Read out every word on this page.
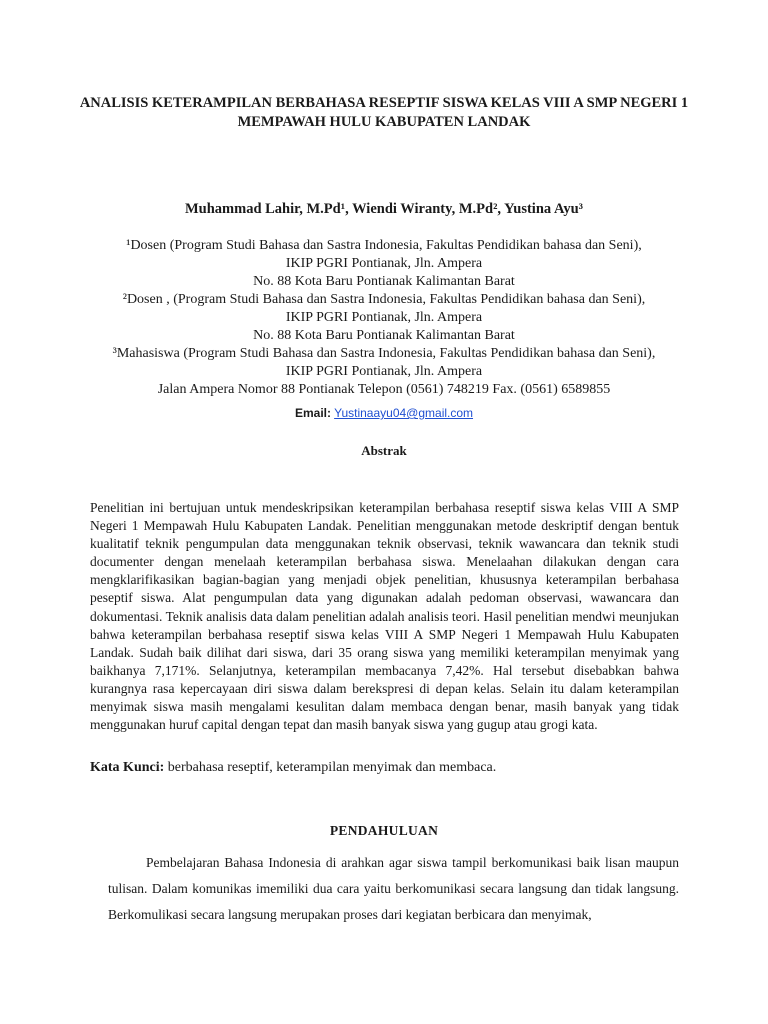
ANALISIS KETERAMPILAN BERBAHASA RESEPTIF SISWA KELAS VIII A SMP NEGERI 1 MEMPAWAH HULU KABUPATEN LANDAK
Muhammad Lahir, M.Pd¹, Wiendi Wiranty, M.Pd², Yustina Ayu³
¹Dosen (Program Studi Bahasa dan Sastra Indonesia, Fakultas Pendidikan bahasa dan Seni),
IKIP PGRI Pontianak, Jln. Ampera
No. 88 Kota Baru Pontianak Kalimantan Barat
²Dosen , (Program Studi Bahasa dan Sastra Indonesia, Fakultas Pendidikan bahasa dan Seni),
IKIP PGRI Pontianak, Jln. Ampera
No. 88 Kota Baru Pontianak Kalimantan Barat
³Mahasiswa (Program Studi Bahasa dan Sastra Indonesia, Fakultas Pendidikan bahasa dan Seni),
IKIP PGRI Pontianak, Jln. Ampera
Jalan Ampera Nomor 88 Pontianak Telepon (0561) 748219 Fax. (0561) 6589855
Email: Yustinaayu04@gmail.com
Abstrak

Penelitian ini bertujuan untuk mendeskripsikan keterampilan berbahasa reseptif siswa kelas VIII A SMP Negeri 1 Mempawah Hulu Kabupaten Landak. Penelitian menggunakan metode deskriptif dengan bentuk kualitatif teknik pengumpulan data menggunakan teknik observasi, teknik wawancara dan teknik studi documenter dengan menelaah keterampilan berbahasa siswa. Menelaahan dilakukan dengan cara mengklarifikasikan bagian-bagian yang menjadi objek penelitian, khususnya keterampilan berbahasa peseptif siswa. Alat pengumpulan data yang digunakan adalah pedoman observasi, wawancara dan dokumentasi. Teknik analisis data dalam penelitian adalah analisis teori. Hasil penelitian mendwi meunjukan bahwa keterampilan berbahasa reseptif siswa kelas VIII A SMP Negeri 1 Mempawah Hulu Kabupaten Landak. Sudah baik dilihat dari siswa, dari 35 orang siswa yang memiliki keterampilan menyimak yang baikhanya 7,171%. Selanjutnya, keterampilan membacanya 7,42%. Hal tersebut disebabkan bahwa kurangnya rasa kepercayaan diri siswa dalam berekspresi di depan kelas. Selain itu dalam keterampilan menyimak siswa masih mengalami kesulitan dalam membaca dengan benar, masih banyak yang tidak menggunakan huruf capital dengan tepat dan masih banyak siswa yang gugup atau grogi kata.

Kata Kunci: berbahasa reseptif, keterampilan menyimak dan membaca.

PENDAHULUAN

Pembelajaran Bahasa Indonesia di arahkan agar siswa tampil berkomunikasi baik lisan maupun tulisan. Dalam komunikas imemiliki dua cara yaitu berkomunikasi secara langsung dan tidak langsung. Berkomulikasi secara langsung merupakan proses dari kegiatan berbicara dan menyimak,
